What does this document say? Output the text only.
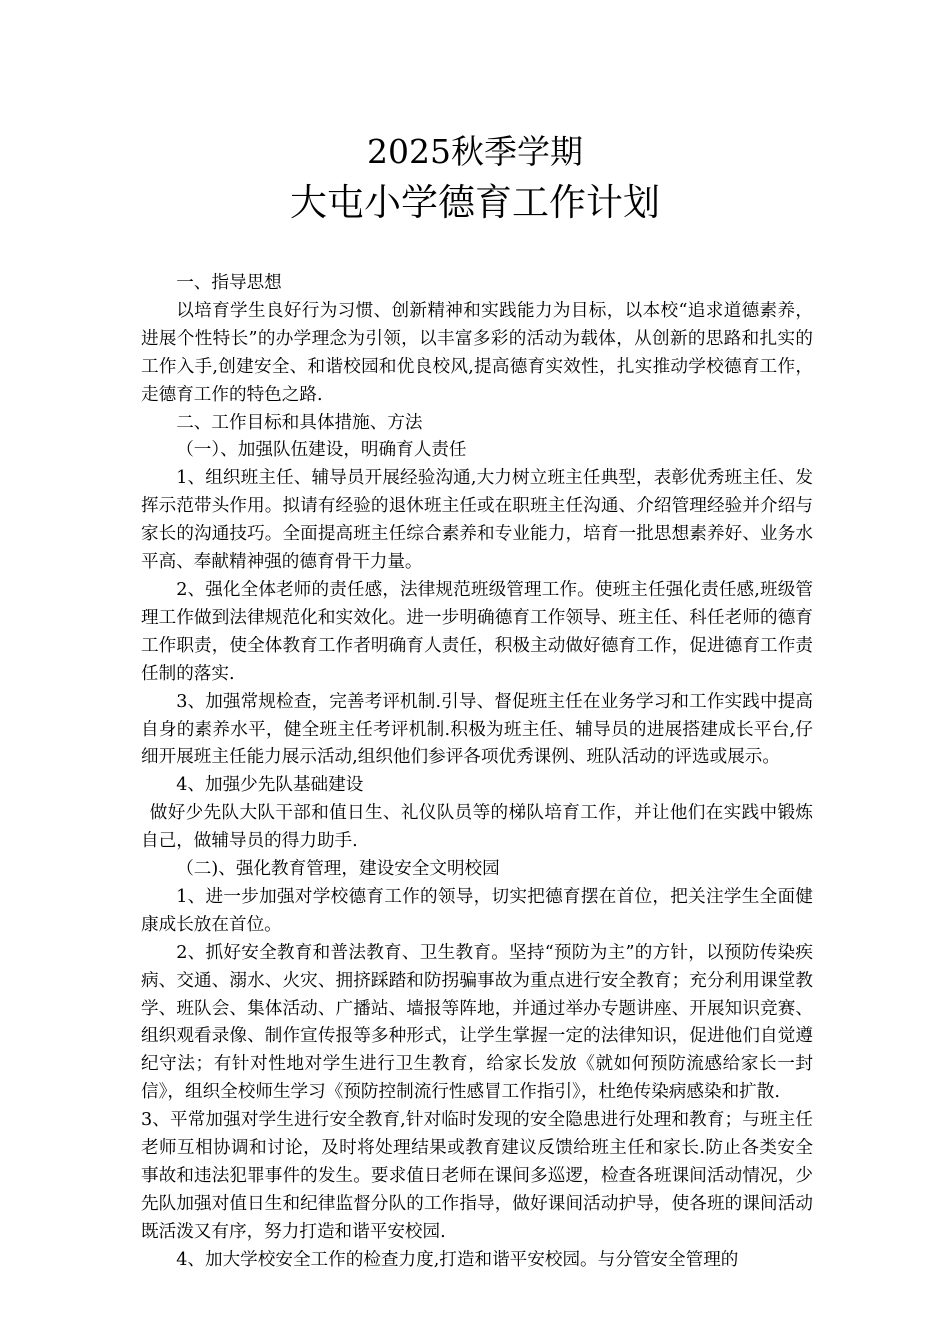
2025秋季学期
大屯小学德育工作计划

一、指导思想

以培育学生良好行为习惯、创新精神和实践能力为目标，以本校“追求道德素养，进展个性特长”的办学理念为引领，以丰富多彩的活动为载体，从创新的思路和扎实的工作入手,创建安全、和谐校园和优良校风,提高德育实效性，扎实推动学校德育工作，走德育工作的特色之路.

二、工作目标和具体措施、方法

（一）、加强队伍建设，明确育人责任

1、组织班主任、辅导员开展经验沟通,大力树立班主任典型，表彰优秀班主任、发挥示范带头作用。拟请有经验的退休班主任或在职班主任沟通、介绍管理经验并介绍与家长的沟通技巧。全面提高班主任综合素养和专业能力，培育一批思想素养好、业务水平高、奉献精神强的德育骨干力量。

2、强化全体老师的责任感，法律规范班级管理工作。使班主任强化责任感,班级管理工作做到法律规范化和实效化。进一步明确德育工作领导、班主任、科任老师的德育工作职责，使全体教育工作者明确育人责任，积极主动做好德育工作，促进德育工作责任制的落实.

3、加强常规检查，完善考评机制.引导、督促班主任在业务学习和工作实践中提高自身的素养水平，健全班主任考评机制.积极为班主任、辅导员的进展搭建成长平台,仔细开展班主任能力展示活动,组织他们参评各项优秀课例、班队活动的评选或展示。

4、加强少先队基础建设

做好少先队大队干部和值日生、礼仪队员等的梯队培育工作，并让他们在实践中锻炼自己，做辅导员的得力助手.

（二)、强化教育管理，建设安全文明校园

1、进一步加强对学校德育工作的领导，切实把德育摆在首位，把关注学生全面健康成长放在首位。

2、抓好安全教育和普法教育、卫生教育。坚持“预防为主”的方针，以预防传染疾病、交通、溺水、火灾、拥挤踩踏和防拐骗事故为重点进行安全教育；充分利用课堂教学、班队会、集体活动、广播站、墙报等阵地，并通过举办专题讲座、开展知识竞赛、组织观看录像、制作宣传报等多种形式，让学生掌握一定的法律知识，促进他们自觉遵纪守法；有针对性地对学生进行卫生教育，给家长发放《就如何预防流感给家长一封信》，组织全校师生学习《预防控制流行性感冒工作指引》，杜绝传染病感染和扩散.

3、平常加强对学生进行安全教育,针对临时发现的安全隐患进行处理和教育；与班主任老师互相协调和讨论，及时将处理结果或教育建议反馈给班主任和家长.防止各类安全事故和违法犯罪事件的发生。要求值日老师在课间多巡逻，检查各班课间活动情况，少先队加强对值日生和纪律监督分队的工作指导，做好课间活动护导，使各班的课间活动既活泼又有序，努力打造和谐平安校园.

4、加大学校安全工作的检查力度,打造和谐平安校园。与分管安全管理的
